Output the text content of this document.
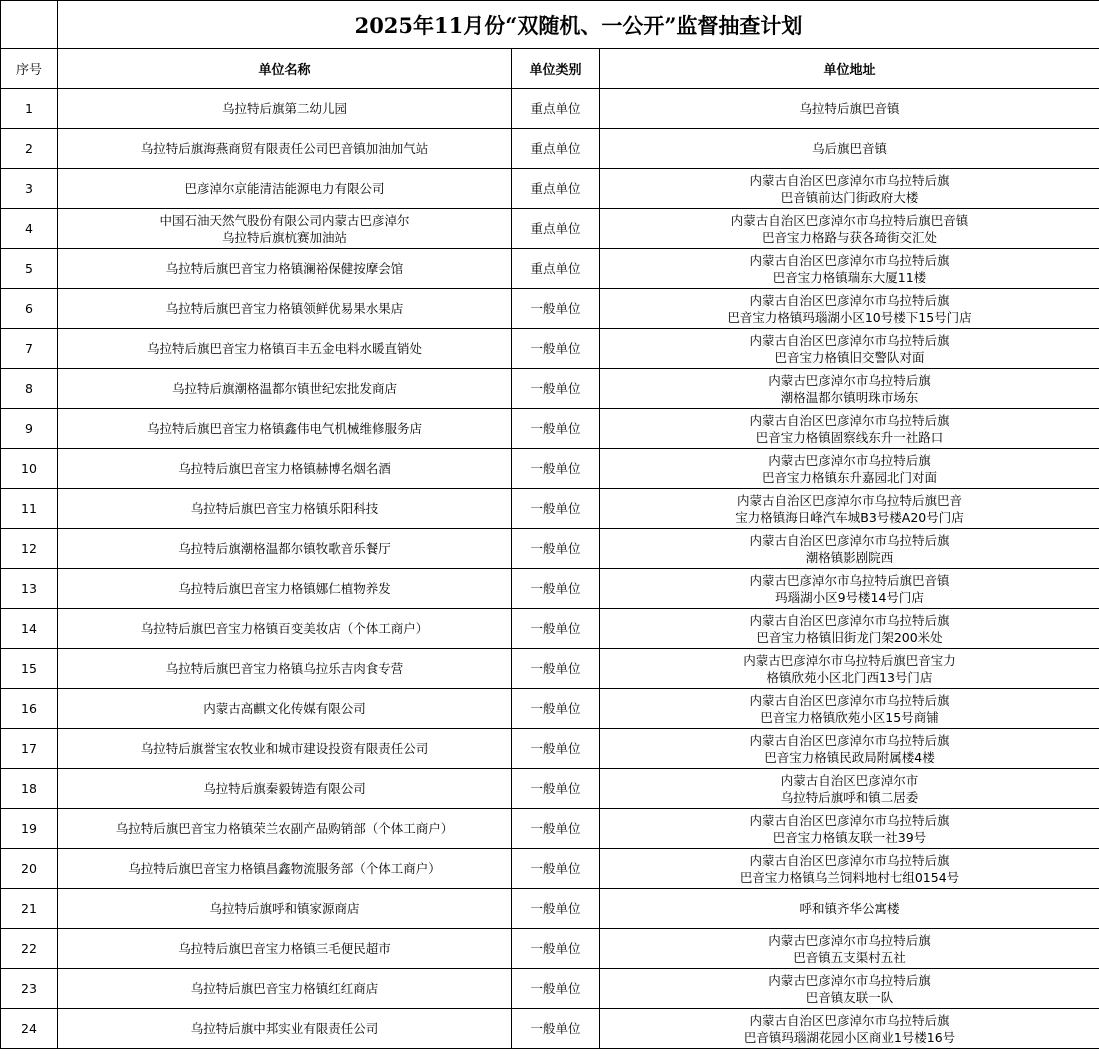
	2025年11月份“双随机、一公开”监督抽查计划		
序号	单位名称	单位类别	单位地址
1	乌拉特后旗第二幼儿园	重点单位	乌拉特后旗巴音镇

2	乌拉特后旗海燕商贸有限责任公司巴音镇加油加气站	重点单位	乌后旗巴音镇

3	巴彦淖尔京能清洁能源电力有限公司	重点单位	内蒙古自治区巴彦淖尔市乌拉特后旗
巴音镇前达门街政府大楼

4	中国石油天然气股份有限公司内蒙古巴彦淖尔
乌拉特后旗杭赛加油站	重点单位	内蒙古自治区巴彦淖尔市乌拉特后旗巴音镇
巴音宝力格路与获各琦街交汇处

5	乌拉特后旗巴音宝力格镇澜裕保健按摩会馆	重点单位	内蒙古自治区巴彦淖尔市乌拉特后旗
巴音宝力格镇瑞东大厦11楼

6	乌拉特后旗巴音宝力格镇领鲜优易果水果店	一般单位	内蒙古自治区巴彦淖尔市乌拉特后旗
巴音宝力格镇玛瑙湖小区10号楼下15号门店

7	乌拉特后旗巴音宝力格镇百丰五金电料水暖直销处	一般单位	内蒙古自治区巴彦淖尔市乌拉特后旗
巴音宝力格镇旧交警队对面

8	乌拉特后旗潮格温都尔镇世纪宏批发商店	一般单位	内蒙古巴彦淖尔市乌拉特后旗
潮格温都尔镇明珠市场东

9	乌拉特后旗巴音宝力格镇鑫伟电气机械维修服务店	一般单位	内蒙古自治区巴彦淖尔市乌拉特后旗
巴音宝力格镇固察线东升一社路口

10	乌拉特后旗巴音宝力格镇赫博名烟名酒	一般单位	内蒙古巴彦淖尔市乌拉特后旗
巴音宝力格镇东升嘉园北门对面

11	乌拉特后旗巴音宝力格镇乐阳科技	一般单位	内蒙古自治区巴彦淖尔市乌拉特后旗巴音
宝力格镇海日峰汽车城B3号楼A20号门店

12	乌拉特后旗潮格温都尔镇牧歌音乐餐厅	一般单位	内蒙古自治区巴彦淖尔市乌拉特后旗
潮格镇影剧院西

13	乌拉特后旗巴音宝力格镇娜仁植物养发	一般单位	内蒙古巴彦淖尔市乌拉特后旗巴音镇
玛瑙湖小区9号楼14号门店

14	乌拉特后旗巴音宝力格镇百变美妆店（个体工商户）	一般单位	内蒙古自治区巴彦淖尔市乌拉特后旗
巴音宝力格镇旧街龙门架200米处

15	乌拉特后旗巴音宝力格镇乌拉乐吉肉食专营	一般单位	内蒙古巴彦淖尔市乌拉特后旗巴音宝力
格镇欣苑小区北门西13号门店

16	内蒙古高麒文化传媒有限公司	一般单位	内蒙古自治区巴彦淖尔市乌拉特后旗
巴音宝力格镇欣苑小区15号商铺

17	乌拉特后旗誉宝农牧业和城市建设投资有限责任公司	一般单位	内蒙古自治区巴彦淖尔市乌拉特后旗
巴音宝力格镇民政局附属楼4楼

18	乌拉特后旗秦毅铸造有限公司	一般单位	内蒙古自治区巴彦淖尔市
乌拉特后旗呼和镇二居委

19	乌拉特后旗巴音宝力格镇荣兰农副产品购销部（个体工商户）	一般单位	内蒙古自治区巴彦淖尔市乌拉特后旗
巴音宝力格镇友联一社39号

20	乌拉特后旗巴音宝力格镇昌鑫物流服务部（个体工商户）	一般单位	内蒙古自治区巴彦淖尔市乌拉特后旗
巴音宝力格镇乌兰饲料地村七组0154号

21	乌拉特后旗呼和镇家源商店	一般单位	呼和镇齐华公寓楼

22	乌拉特后旗巴音宝力格镇三毛便民超市	一般单位	内蒙古巴彦淖尔市乌拉特后旗
巴音镇五支渠村五社

23	乌拉特后旗巴音宝力格镇红红商店	一般单位	内蒙古巴彦淖尔市乌拉特后旗
巴音镇友联一队

24	乌拉特后旗中邦实业有限责任公司	一般单位	内蒙古自治区巴彦淖尔市乌拉特后旗
巴音镇玛瑙湖花园小区商业1号楼16号
